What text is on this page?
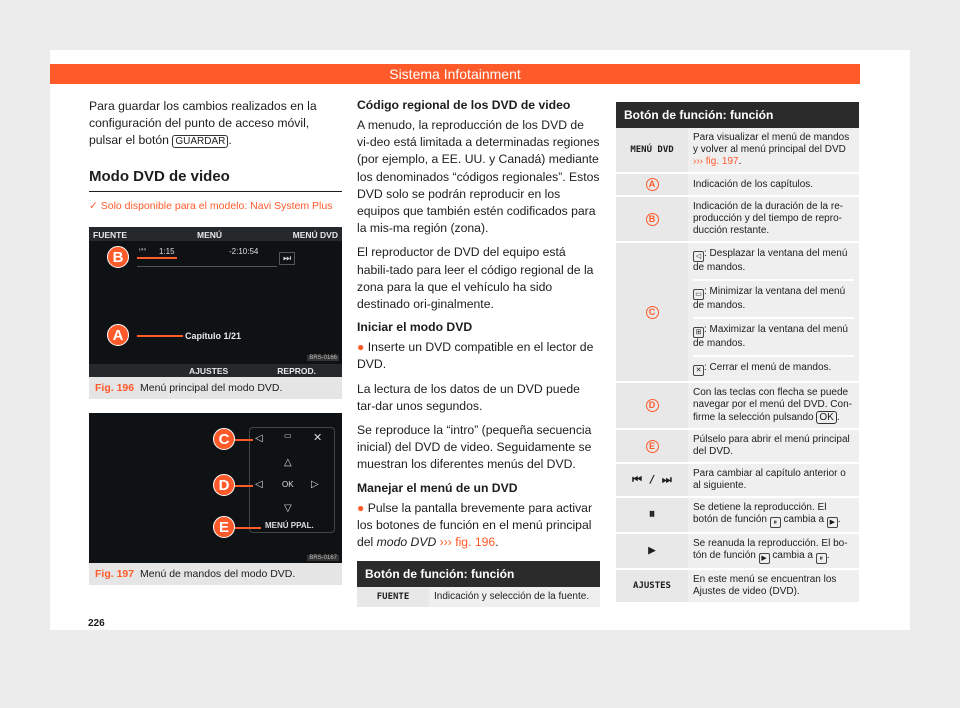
Sistema Infotainment

Para guardar los cambios realizados en la configuración del punto de acceso móvil, pulsar el botón GUARDAR .

Modo DVD de video
✓ Solo disponible para el modelo: Navi System Plus
FUENTE	MENÚ	MENÚ DVD
⏮ 1:15	-2:10:54
⏭
Capítulo 1/21
B
A
BRS-0166
AJUSTES	REPROD.
Fig. 196 Menú principal del modo DVD.
◁	▭ ✕
△
◁ OK ▷
▽
MENÚ PPAL.
C
D
E
BRS-0167
Fig. 197 Menú de mandos del modo DVD.
Código regional de los DVD de video

A menudo, la reproducción de los DVD de vi-deo está limitada a determinadas regiones (por ejemplo, a EE. UU. y Canadá) mediante los denominados “códigos regionales”. Estos DVD solo se podrán reproducir en los equipos que también estén codificados para la mis-ma región (zona).

El reproductor de DVD del equipo está habili-tado para leer el código regional de la zona para la que el vehículo ha sido destinado ori-ginalmente.

Iniciar el modo DVD

● Inserte un DVD compatible en el lector de DVD.

La lectura de los datos de un DVD puede tar-dar unos segundos.

Se reproduce la “intro” (pequeña secuencia inicial) del DVD de video. Seguidamente se muestran los diferentes menús del DVD.

Manejar el menú de un DVD

● Pulse la pantalla brevemente para activar los botones de función en el menú principal del modo DVD ››› fig. 196.

Botón de función: función
FUENTE	Indicación y selección de la fuente.
Botón de función: función
MENÚ DVD	Para visualizar el menú de mandos y volver al menú principal del DVD ››› fig. 197.
A	Indicación de los capítulos.
B	Indicación de la duración de la re-producción y del tiempo de repro-ducción restante.
C	◁ : Desplazar la ventana del menú de mandos.
▭ : Minimizar la ventana del menú de mandos.
⊞ : Maximizar la ventana del menú de mandos.
✕ : Cerrar el menú de mandos.

D	Con las teclas con flecha se puede navegar por el menú del DVD. Con-firme la selección pulsando OK .
E	Púlselo para abrir el menú principal del DVD.
⏮ / ⏭	Para cambiar al capítulo anterior o al siguiente.
⏸	Se detiene la reproducción. El botón de función ⏸ cambia a ▶ .
▶	Se reanuda la reproducción. El bo-tón de función ▶ cambia a ⏸ .
AJUSTES	En este menú se encuentran los Ajustes de video (DVD).
226
